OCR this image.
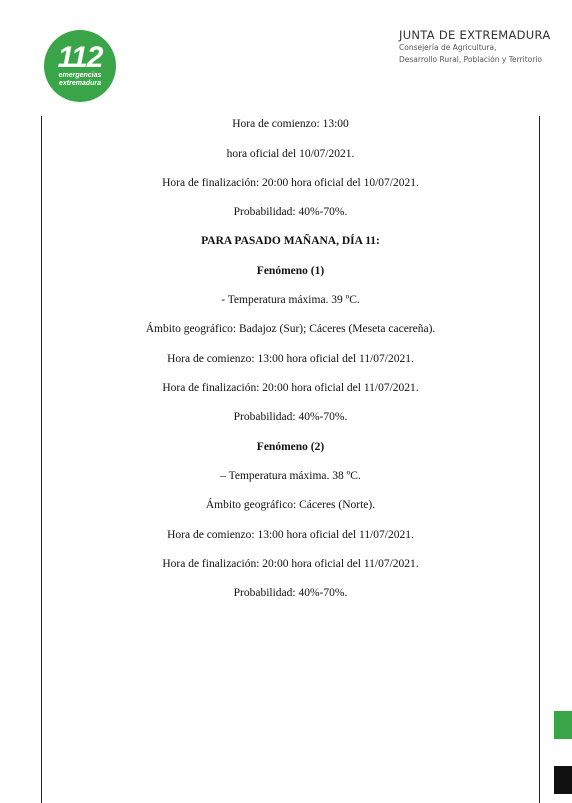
112
emergencias
extremadura
JUNTA DE EXTREMADURA
Consejería de Agricultura,
Desarrollo Rural, Población y Territorio
Hora de comienzo: 13:00
hora oficial del 10/07/2021.
Hora de finalización: 20:00 hora oficial del 10/07/2021.
Probabilidad: 40%-70%.
PARA PASADO MAÑANA, DÍA 11:
Fenómeno (1)
- Temperatura máxima. 39 ºC.
Ámbito geográfico: Badajoz (Sur); Cáceres (Meseta cacereña).
Hora de comienzo: 13:00 hora oficial del 11/07/2021.
Hora de finalización: 20:00 hora oficial del 11/07/2021.
Probabilidad: 40%-70%.
Fenómeno (2)
– Temperatura máxima. 38 ºC.
Ámbito geográfico: Cáceres (Norte).
Hora de comienzo: 13:00 hora oficial del 11/07/2021.
Hora de finalización: 20:00 hora oficial del 11/07/2021.
Probabilidad: 40%-70%.
